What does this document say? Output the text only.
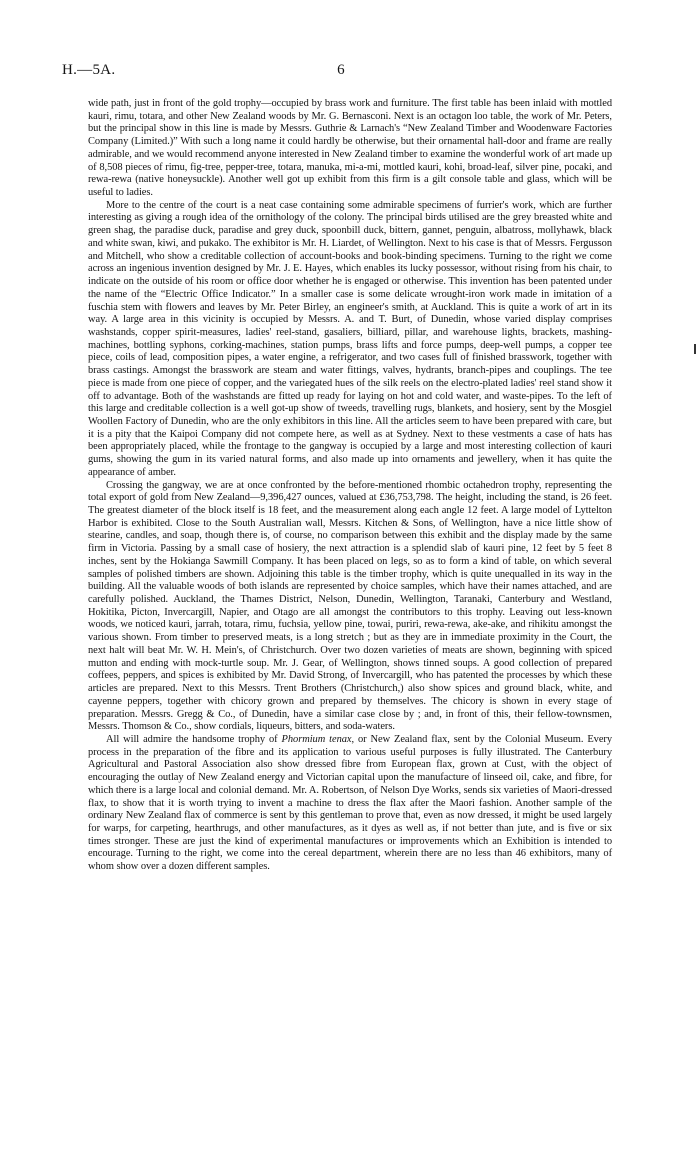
H.—5A.	6

wide path, just in front of the gold trophy—occupied by brass work and furniture. The first table has been inlaid with mottled kauri, rimu, totara, and other New Zealand woods by Mr. G. Bernasconi. Next is an octagon loo table, the work of Mr. Peters, but the principal show in this line is made by Messrs. Guthrie & Larnach's “New Zealand Timber and Woodenware Factories Company (Limited.)” With such a long name it could hardly be otherwise, but their ornamental hall-door and frame are really admirable, and we would recommend anyone interested in New Zealand timber to examine the wonderful work of art made up of 8,508 pieces of rimu, fig-tree, pepper-tree, totara, manuka, mi-a-mi, mottled kauri, kohi, broad-leaf, silver pine, pocaki, and rewa-rewa (native honeysuckle). Another well got up exhibit from this firm is a gilt console table and glass, which will be useful to ladies.

More to the centre of the court is a neat case containing some admirable specimens of furrier's work, which are further interesting as giving a rough idea of the ornithology of the colony. The principal birds utilised are the grey breasted white and green shag, the paradise duck, paradise and grey duck, spoonbill duck, bittern, gannet, penguin, albatross, mollyhawk, black and white swan, kiwi, and pukako. The exhibitor is Mr. H. Liardet, of Wellington. Next to his case is that of Messrs. Fergusson and Mitchell, who show a creditable collection of account-books and book-binding specimens. Turning to the right we come across an ingenious invention designed by Mr. J. E. Hayes, which enables its lucky possessor, without rising from his chair, to indicate on the outside of his room or office door whether he is engaged or otherwise. This invention has been patented under the name of the “Electric Office Indicator.” In a smaller case is some delicate wrought-iron work made in imitation of a fuschia stem with flowers and leaves by Mr. Peter Birley, an engineer's smith, at Auckland. This is quite a work of art in its way. A large area in this vicinity is occupied by Messrs. A. and T. Burt, of Dunedin, whose varied display comprises washstands, copper spirit-measures, ladies' reel-stand, gasaliers, billiard, pillar, and warehouse lights, brackets, mashing-machines, bottling syphons, corking-machines, station pumps, brass lifts and force pumps, deep-well pumps, a copper tee piece, coils of lead, composition pipes, a water engine, a refrigerator, and two cases full of finished brasswork, together with brass castings. Amongst the brasswork are steam and water fittings, valves, hydrants, branch-pipes and couplings. The tee piece is made from one piece of copper, and the variegated hues of the silk reels on the electro-plated ladies' reel stand show it off to advantage. Both of the washstands are fitted up ready for laying on hot and cold water, and waste-pipes. To the left of this large and creditable collection is a well got-up show of tweeds, travelling rugs, blankets, and hosiery, sent by the Mosgiel Woollen Factory of Dunedin, who are the only exhibitors in this line. All the articles seem to have been prepared with care, but it is a pity that the Kaipoi Company did not compete here, as well as at Sydney. Next to these vestments a case of hats has been appropriately placed, while the frontage to the gangway is occupied by a large and most interesting collection of kauri gums, showing the gum in its varied natural forms, and also made up into ornaments and jewellery, when it has quite the appearance of amber.

Crossing the gangway, we are at once confronted by the before-mentioned rhombic octahedron trophy, representing the total export of gold from New Zealand—9,396,427 ounces, valued at £36,753,798. The height, including the stand, is 26 feet. The greatest diameter of the block itself is 18 feet, and the measurement along each angle 12 feet. A large model of Lyttelton Harbor is exhibited. Close to the South Australian wall, Messrs. Kitchen & Sons, of Wellington, have a nice little show of stearine, candles, and soap, though there is, of course, no comparison between this exhibit and the display made by the same firm in Victoria. Passing by a small case of hosiery, the next attraction is a splendid slab of kauri pine, 12 feet by 5 feet 8 inches, sent by the Hokianga Sawmill Company. It has been placed on legs, so as to form a kind of table, on which several samples of polished timbers are shown. Adjoining this table is the timber trophy, which is quite unequalled in its way in the building. All the valuable woods of both islands are represented by choice samples, which have their names attached, and are carefully polished. Auckland, the Thames District, Nelson, Dunedin, Wellington, Taranaki, Canterbury and Westland, Hokitika, Picton, Invercargill, Napier, and Otago are all amongst the contributors to this trophy. Leaving out less-known woods, we noticed kauri, jarrah, totara, rimu, fuchsia, yellow pine, towai, puriri, rewa-rewa, ake-ake, and rihikitu amongst the various shown. From timber to preserved meats, is a long stretch ; but as they are in immediate proximity in the Court, the next halt will beat Mr. W. H. Mein's, of Christchurch. Over two dozen varieties of meats are shown, beginning with spiced mutton and ending with mock-turtle soup. Mr. J. Gear, of Wellington, shows tinned soups. A good collection of prepared coffees, peppers, and spices is exhibited by Mr. David Strong, of Invercargill, who has patented the processes by which these articles are prepared. Next to this Messrs. Trent Brothers (Christchurch,) also show spices and ground black, white, and cayenne peppers, together with chicory grown and prepared by themselves. The chicory is shown in every stage of preparation. Messrs. Gregg & Co., of Dunedin, have a similar case close by ; and, in front of this, their fellow-townsmen, Messrs. Thomson & Co., show cordials, liqueurs, bitters, and soda-waters.

All will admire the handsome trophy of Phormium tenax, or New Zealand flax, sent by the Colonial Museum. Every process in the preparation of the fibre and its application to various useful purposes is fully illustrated. The Canterbury Agricultural and Pastoral Association also show dressed fibre from European flax, grown at Cust, with the object of encouraging the outlay of New Zealand energy and Victorian capital upon the manufacture of linseed oil, cake, and fibre, for which there is a large local and colonial demand. Mr. A. Robertson, of Nelson Dye Works, sends six varieties of Maori-dressed flax, to show that it is worth trying to invent a machine to dress the flax after the Maori fashion. Another sample of the ordinary New Zealand flax of commerce is sent by this gentleman to prove that, even as now dressed, it might be used largely for warps, for carpeting, hearthrugs, and other manufactures, as it dyes as well as, if not better than jute, and is five or six times stronger. These are just the kind of experimental manufactures or improvements which an Exhibition is intended to encourage. Turning to the right, we come into the cereal department, wherein there are no less than 46 exhibitors, many of whom show over a dozen different samples.
